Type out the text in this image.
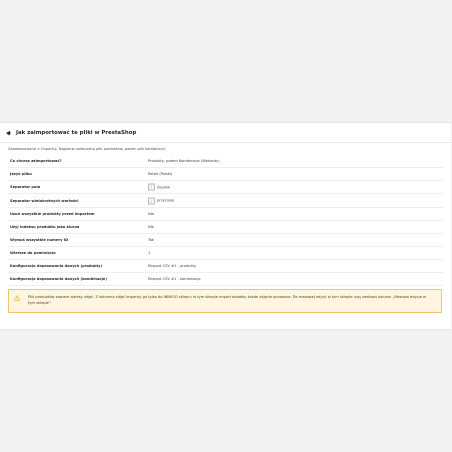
Jak zaimportować te pliki w PrestaShop
Zaawansowane > Importuj. Najpierw zaimportuj plik produktów, potem plik kombinacji.
Co chcesz zaimportować?	Produkty, potem Kombinacje (Warianty)
Język pliku	Polski (Polski)
Separator pola	;	średnik
Separator wielokrotnych wartości	,	przecinek
Usuń wszystkie produkty przed importem	Nie
Użyj indeksu produktu jako klucza	Nie
Wymuś wszystkie numery ID	Tak
Wiersze do pominięcia	1
Konfiguracja dopasowania danych (produkty)	Eksport CSV #1 - produkty
Konfiguracja dopasowania danych (kombinacje)	Eksport CSV #1 - kombinacje
Plik produktów zawiera adresy zdjęć. Z kolumną zdjęć importuj go tylko do INNEGO sklepu: w tym sklepie import dodałby każde zdjęcie ponownie. Do masowej edycji w tym sklepie użyj zestawu kolumn „Masowa edycja w tym sklepie”.
